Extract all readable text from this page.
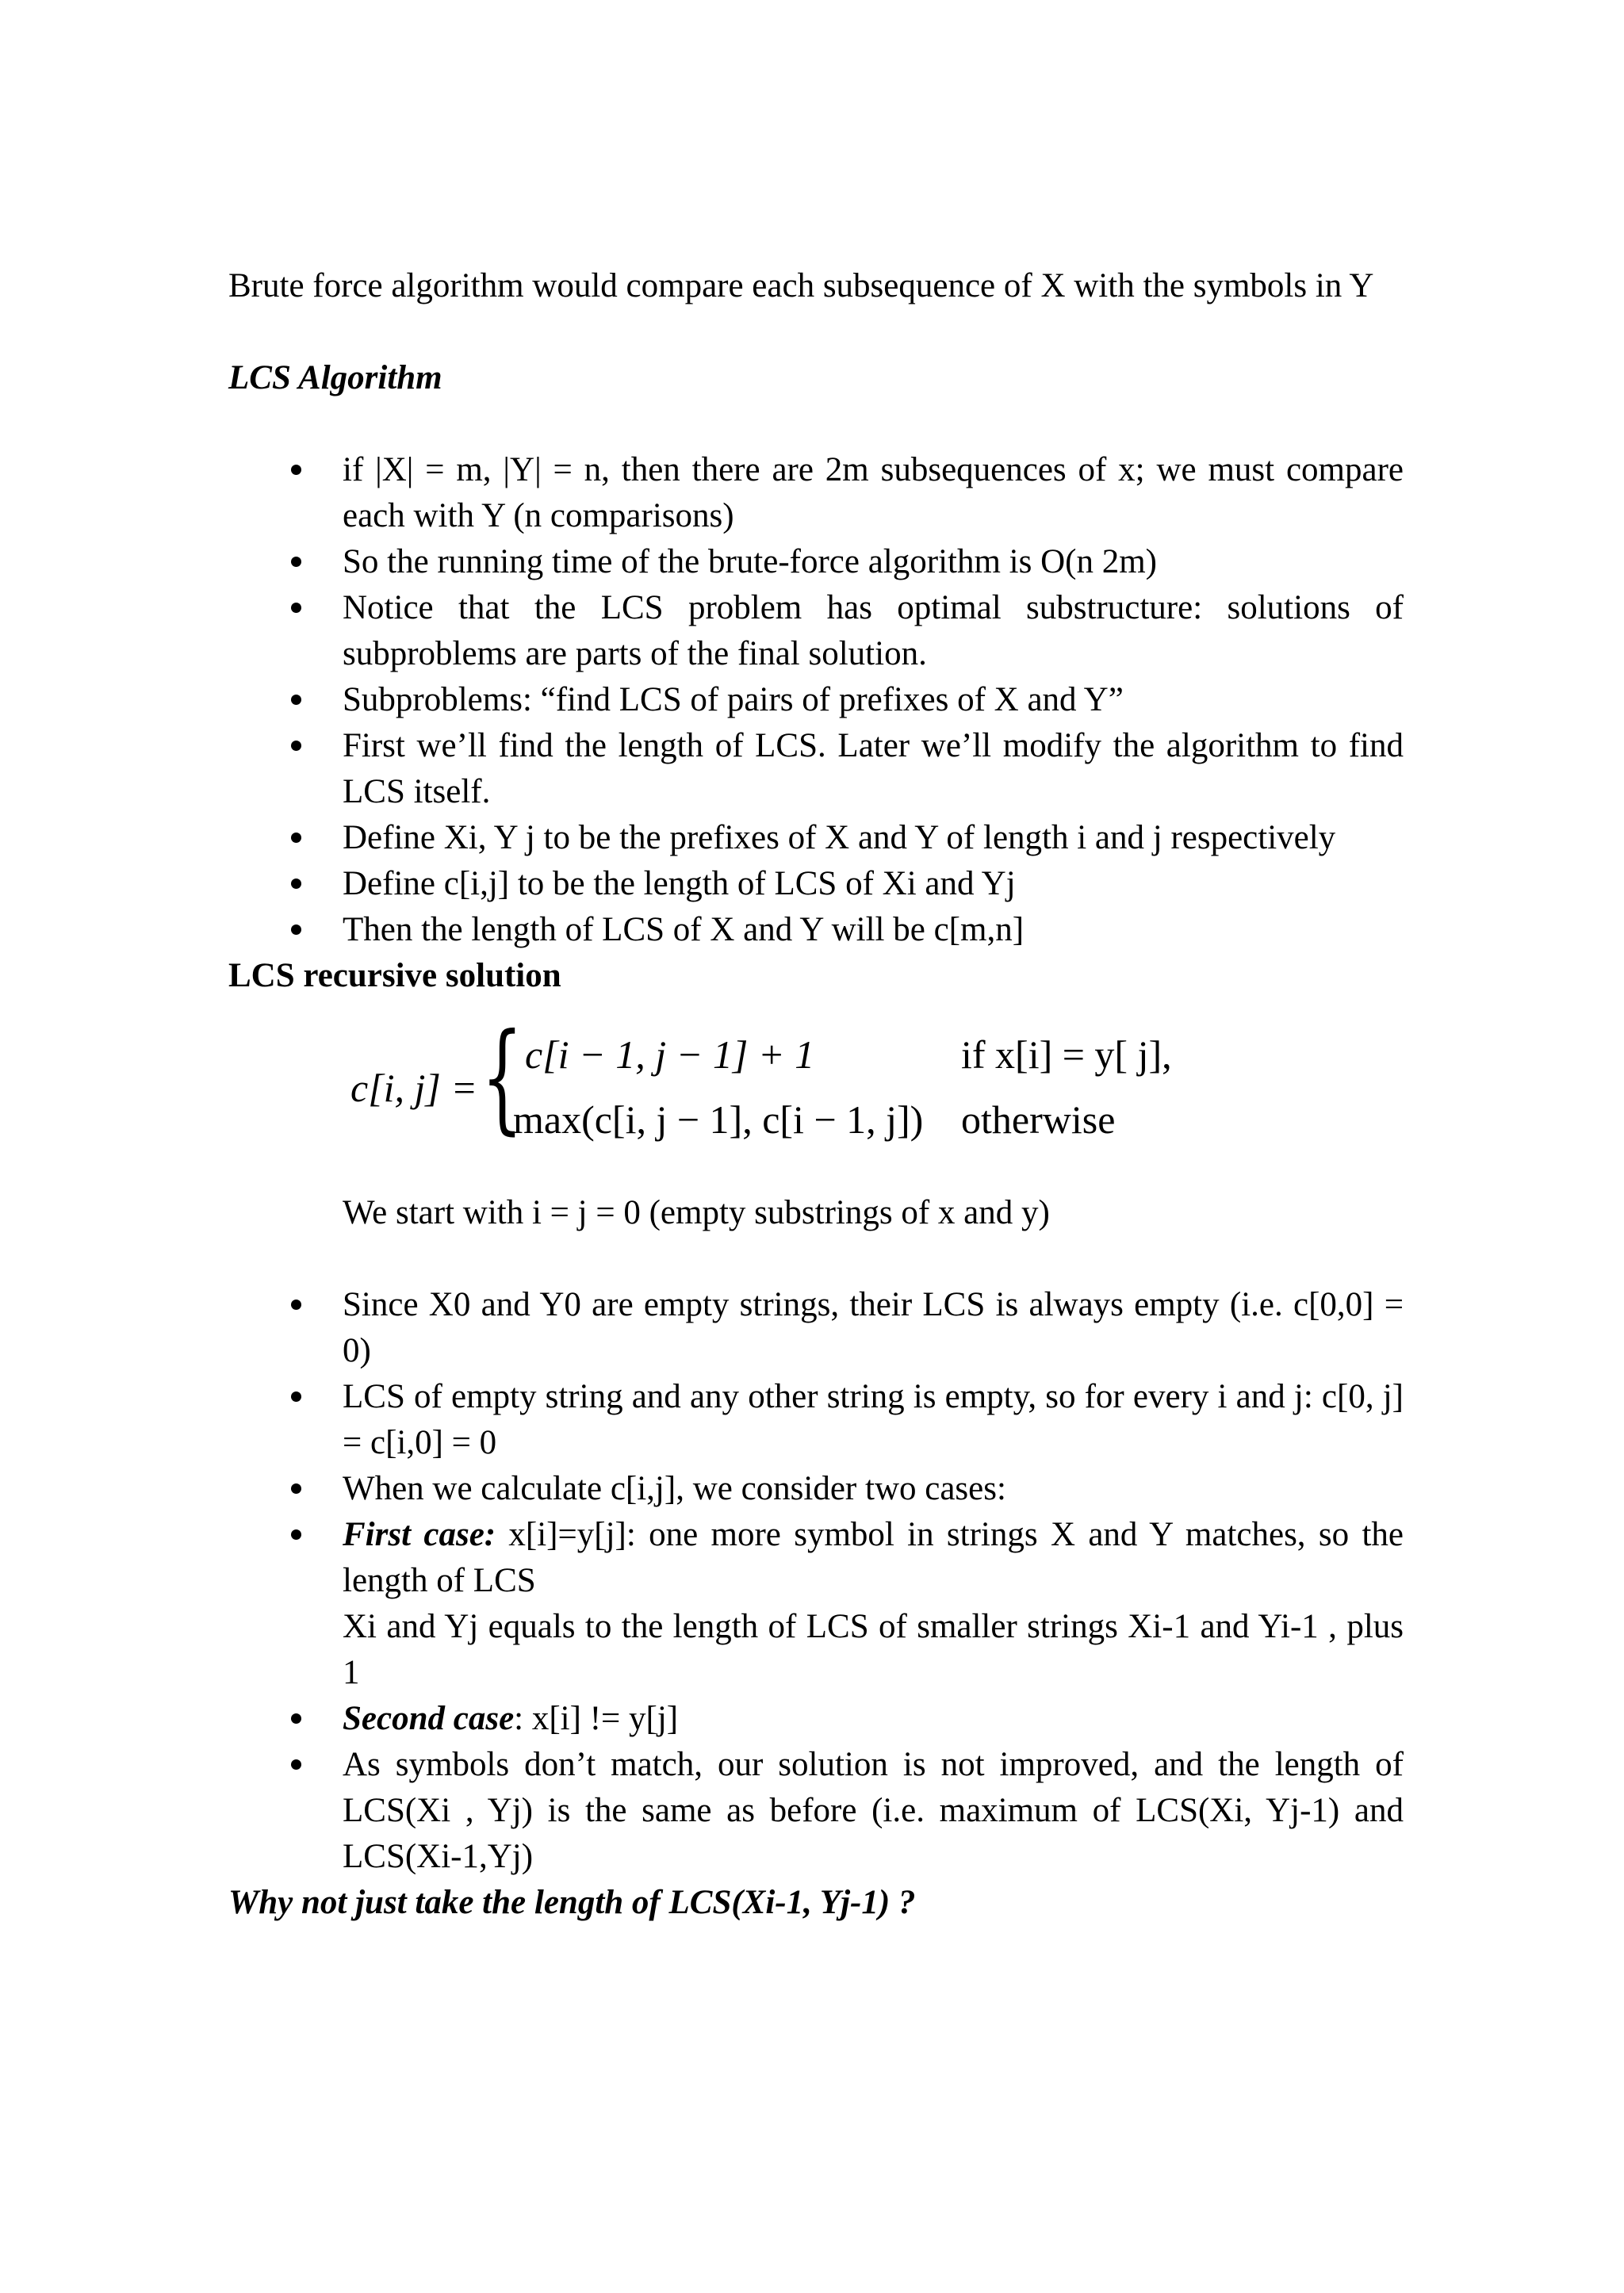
Brute force algorithm would compare each subsequence of X with the symbols in Y

LCS Algorithm

if |X| = m, |Y| = n, then there are 2m subsequences of x; we must compare each with Y (n comparisons)
So the running time of the brute-force algorithm is O(n 2m)
Notice that the LCS problem has optimal substructure: solutions of subproblems are parts of the final solution.
Subproblems: “find LCS of pairs of prefixes of X and Y”
First we’ll find the length of LCS. Later we’ll modify the algorithm to find LCS itself.
Define Xi, Y j to be the prefixes of X and Y of length i and j respectively
Define c[i,j] to be the length of LCS of Xi and Yj
Then the length of LCS of X and Y will be c[m,n]

LCS recursive solution

c[i, j] = { c[i − 1, j − 1] + 1	if x[i] = y[ j],
max(c[i, j − 1], c[i − 1, j]) otherwise

We start with i = j = 0 (empty substrings of x and y)

Since X0 and Y0 are empty strings, their LCS is always empty (i.e. c[0,0] = 0)
LCS of empty string and any other string is empty, so for every i and j: c[0, j] = c[i,0] = 0
When we calculate c[i,j], we consider two cases:
First case: x[i]=y[j]: one more symbol in strings X and Y matches, so the length of LCS
Xi and Yj equals to the length of LCS of smaller strings Xi-1 and Yi-1 , plus 1
Second case: x[i] != y[j]
As symbols don’t match, our solution is not improved, and the length of LCS(Xi , Yj) is the same as before (i.e. maximum of LCS(Xi, Yj-1) and LCS(Xi-1,Yj)

Why not just take the length of LCS(Xi-1, Yj-1) ?
